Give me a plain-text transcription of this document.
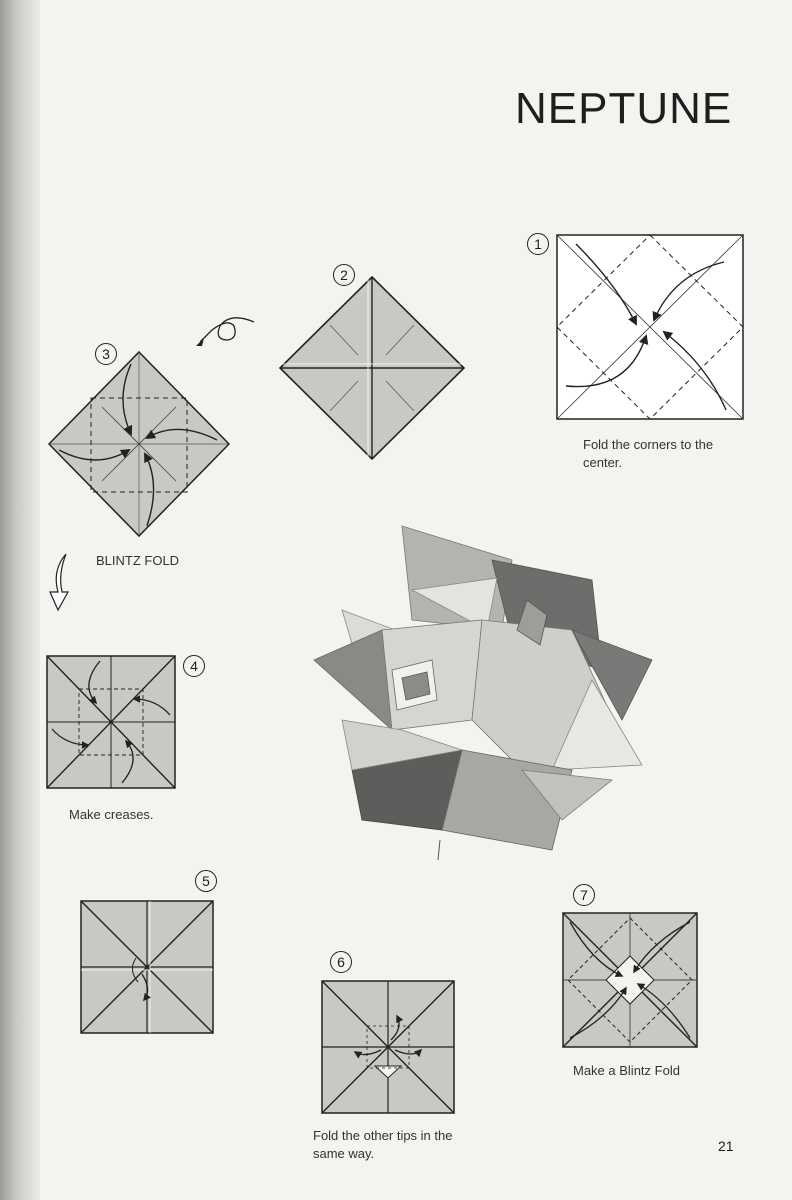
NEPTUNE
1
Fold the corners to the center.
2
3
BLINTZ FOLD
4
Make creases.
5
6
Fold the other tips in the same way.
7
Make a Blintz Fold
21
